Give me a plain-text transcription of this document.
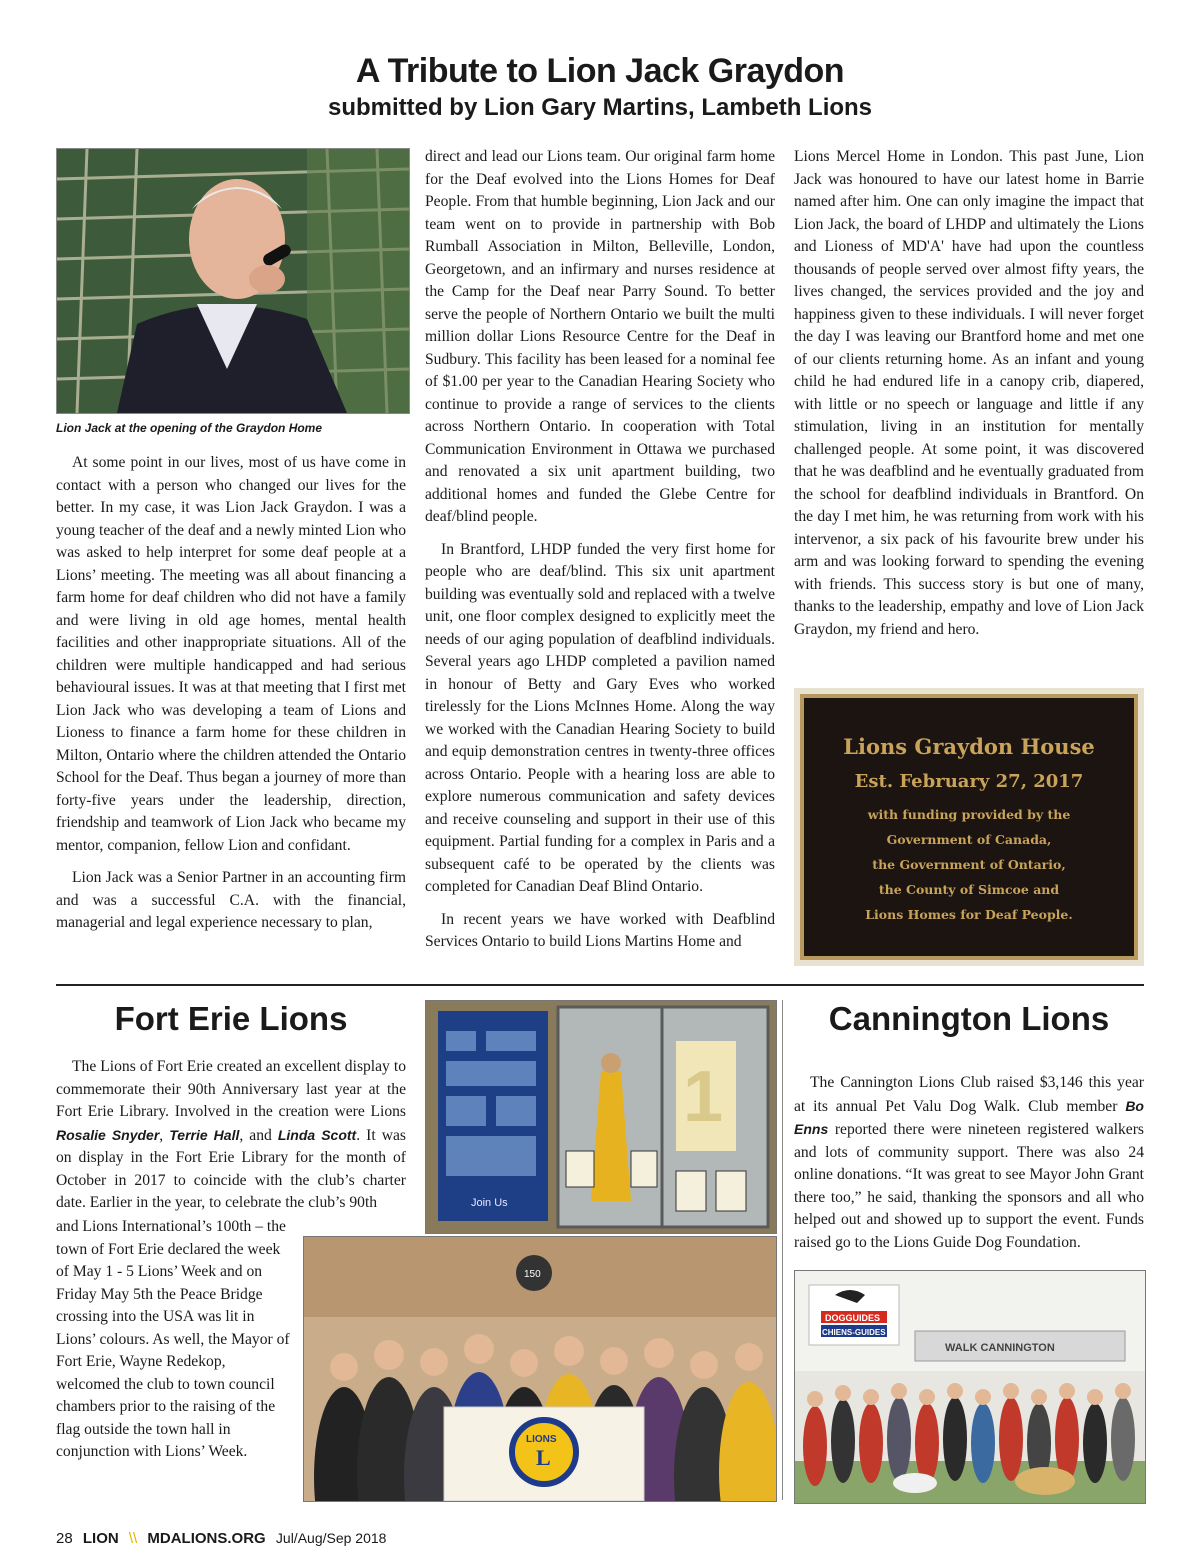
A Tribute to Lion Jack Graydon
submitted by Lion Gary Martins, Lambeth Lions
Lion Jack at the opening of the Graydon Home

At some point in our lives, most of us have come in contact with a person who changed our lives for the better. In my case, it was Lion Jack Graydon. I was a young teacher of the deaf and a newly minted Lion who was asked to help interpret for some deaf people at a Lions’ meeting. The meeting was all about financing a farm home for deaf children who did not have a family and were living in old age homes, mental health facilities and other inappropriate situations. All of the children were multiple handicapped and had serious behavioural issues. It was at that meeting that I first met Lion Jack who was developing a team of Lions and Lioness to finance a farm home for these children in Milton, Ontario where the children attended the Ontario School for the Deaf. Thus began a journey of more than forty-five years under the leadership, direction, friendship and teamwork of Lion Jack who became my mentor, companion, fellow Lion and confidant.

Lion Jack was a Senior Partner in an accounting firm and was a successful C.A. with the financial, managerial and legal experience necessary to plan,

direct and lead our Lions team. Our original farm home for the Deaf evolved into the Lions Homes for Deaf People. From that humble beginning, Lion Jack and our team went on to provide in partnership with Bob Rumball Association in Milton, Belleville, London, Georgetown, and an infirmary and nurses residence at the Camp for the Deaf near Parry Sound. To better serve the people of Northern Ontario we built the multi million dollar Lions Resource Centre for the Deaf in Sudbury. This facility has been leased for a nominal fee of $1.00 per year to the Canadian Hearing Society who continue to provide a range of services to the clients across Northern Ontario. In cooperation with Total Communication Environment in Ottawa we purchased and renovated a six unit apartment building, two additional homes and funded the Glebe Centre for deaf/blind people.

In Brantford, LHDP funded the very first home for people who are deaf/blind. This six unit apartment building was eventually sold and replaced with a twelve unit, one floor complex designed to explicitly meet the needs of our aging population of deafblind individuals. Several years ago LHDP completed a pavilion named in honour of Betty and Gary Eves who worked tirelessly for the Lions McInnes Home. Along the way we worked with the Canadian Hearing Society to build and equip demonstration centres in twenty-three offices across Ontario. People with a hearing loss are able to explore numerous communication and safety devices and receive counseling and support in their use of this equipment. Partial funding for a complex in Paris and a subsequent café to be operated by the clients was completed for Canadian Deaf Blind Ontario.

In recent years we have worked with Deafblind Services Ontario to build Lions Martins Home and

Lions Mercel Home in London. This past June, Lion Jack was honoured to have our latest home in Barrie named after him. One can only imagine the impact that Lion Jack, the board of LHDP and ultimately the Lions and Lioness of MD'A' have had upon the countless thousands of people served over almost fifty years, the lives changed, the services provided and the joy and happiness given to these individuals. I will never forget the day I was leaving our Brantford home and met one of our clients returning home. As an infant and young child he had endured life in a canopy crib, diapered, with little or no speech or language and little if any stimulation, living in an institution for mentally challenged people. At some point, it was discovered that he was deafblind and he eventually graduated from the school for deafblind individuals in Brantford. On the day I met him, he was returning from work with his intervenor, a six pack of his favourite brew under his arm and was looking forward to spending the evening with friends. This success story is but one of many, thanks to the leadership, empathy and love of Lion Jack Graydon, my friend and hero.

Lions Graydon House
Est. February 27, 2017
with funding provided by the
Government of Canada,
the Government of Ontario,
the County of Simcoe and
Lions Homes for Deaf People.
Fort Erie Lions

The Lions of Fort Erie created an excellent display to commemorate their 90th Anniversary last year at the Fort Erie Library. Involved in the creation were Lions Rosalie Snyder, Terrie Hall, and Linda Scott. It was on display in the Fort Erie Library for the month of October in 2017 to coincide with the club’s charter date. Earlier in the year, to celebrate the club’s 90th

and Lions International’s 100th – the town of Fort Erie declared the week of May 1 - 5 Lions’ Week and on Friday May 5th the Peace Bridge crossing into the USA was lit in Lions’ colours. As well, the Mayor of Fort Erie, Wayne Redekop, welcomed the club to town council chambers prior to the raising of the flag outside the town hall in conjunction with Lions’ Week.

Join Us
1
150
LIONS
L
Cannington Lions

The Cannington Lions Club raised $3,146 this year at its annual Pet Valu Dog Walk. Club member Bo Enns reported there were nineteen registered walkers and lots of community support. There was also 24 online donations. “It was great to see Mayor John Grant there too,” he said, thanking the sponsors and all who helped out and showed up to support the event. Funds raised go to the Lions Guide Dog Foundation.

DOGGUIDES
CHIENS-GUIDES
WALK CANNINGTON
28 LION \\ MDALIONS.ORG Jul/Aug/Sep 2018
